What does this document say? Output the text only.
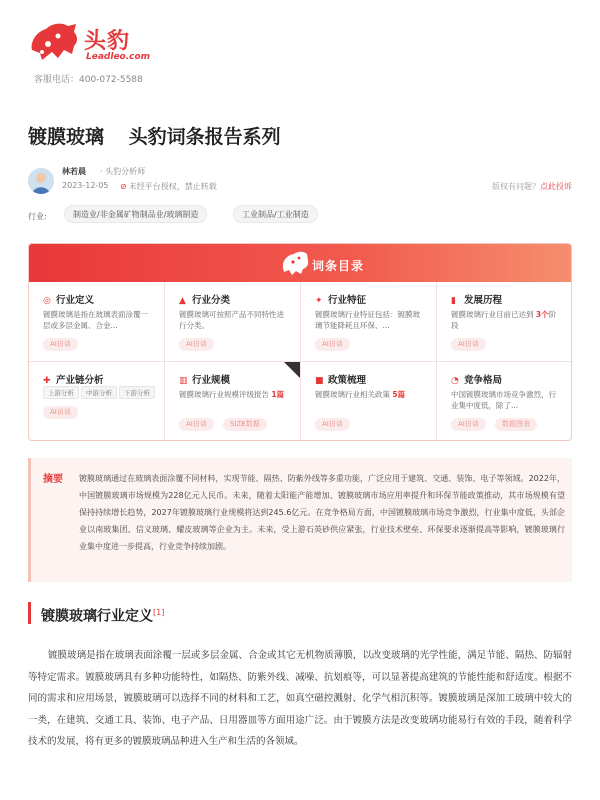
头豹
Leadleo.com
客服电话：400-072-5588
镀膜玻璃 头豹词条报告系列
林若晨 · 头豹分析师
2023-12-05 ⊘ 未经平台授权，禁止转载	版权有问题？点此投诉
行业:	制造业/非金属矿物制品业/玻璃制造	工业制品/工业制造
词条目录
◎ 行业定义
镀膜玻璃是指在玻璃表面涂覆一层或多层金属、合金...
AI访谈
▲ 行业分类
镀膜玻璃可按照产品不同特性进行分类。
AI访谈
✦ 行业特征
镀膜玻璃行业特征包括：镀膜玻璃节能降耗且环保、...
AI访谈
▮ 发展历程
镀膜玻璃行业目前已达到 3个阶段
AI访谈
✚ 产业链分析
上游分析	中游分析	下游分析
AI访谈
▥ 行业规模
镀膜玻璃行业规模评级报告 1篇
AI访谈	SIZE数据
■ 政策梳理
镀膜玻璃行业相关政策 5篇
AI访谈
◔ 竞争格局
中国镀膜玻璃市场竞争激烈，行业集中度低，除了...
AI访谈	数据图表
摘要 镀膜玻璃通过在玻璃表面涂覆不同材料，实现节能、隔热、防紫外线等多重功能，广泛应用于建筑、交通、装饰、电子等领域。2022年，中国镀膜玻璃市场规模为228亿元人民币。未来，随着太阳能产能增加、镀膜玻璃市场应用率提升和环保节能政策推动，其市场规模有望保持持续增长趋势，2027年镀膜玻璃行业规模将达到245.6亿元。在竞争格局方面，中国镀膜玻璃市场竞争激烈，行业集中度低，头部企业以南玻集团、信义玻璃、耀皮玻璃等企业为主。未来，受上游石英砂供应紧张，行业技术壁垒、环保要求逐渐提高等影响，镀膜玻璃行业集中度进一步提高，行业竞争持续加剧。
镀膜玻璃行业定义[1]
镀膜玻璃是指在玻璃表面涂覆一层或多层金属、合金或其它无机物质薄膜，以改变玻璃的光学性能，满足节能、隔热、防辐射等特定需求。镀膜玻璃具有多种功能特性，如隔热、防紫外线、减噪、抗划痕等，可以显著提高建筑的节能性能和舒适度。根据不同的需求和应用场景，镀膜玻璃可以选择不同的材料和工艺，如真空磁控溅射、化学气相沉积等。镀膜玻璃是深加工玻璃中较大的一类，在建筑、交通工具、装饰、电子产品、日用器皿等方面用途广泛。由于镀膜方法是改变玻璃功能易行有效的手段，随着科学技术的发展，将有更多的镀膜玻璃品种进入生产和生活的各领域。
